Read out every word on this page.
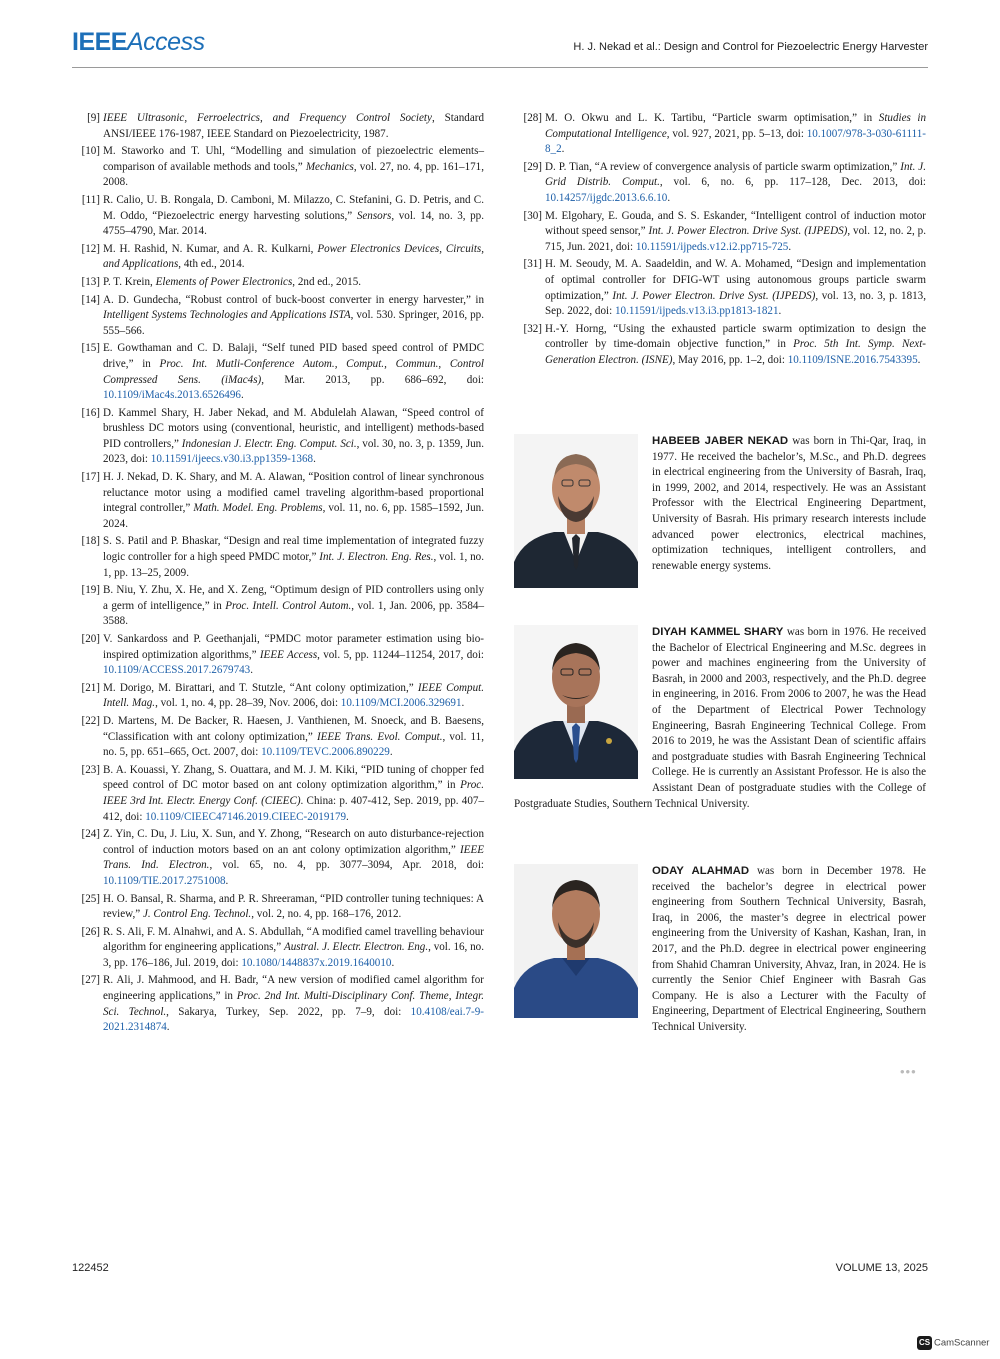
IEEEAccess	H. J. Nekad et al.: Design and Control for Piezoelectric Energy Harvester
[9] IEEE Ultrasonic, Ferroelectrics, and Frequency Control Society, Standard ANSI/IEEE 176-1987, IEEE Standard on Piezoelectricity, 1987.
[10] M. Staworko and T. Uhl, “Modelling and simulation of piezoelectric elements–comparison of available methods and tools,” Mechanics, vol. 27, no. 4, pp. 161–171, 2008.
[11] R. Calio, U. B. Rongala, D. Camboni, M. Milazzo, C. Stefanini, G. D. Petris, and C. M. Oddo, “Piezoelectric energy harvesting solutions,” Sensors, vol. 14, no. 3, pp. 4755–4790, Mar. 2014.
[12] M. H. Rashid, N. Kumar, and A. R. Kulkarni, Power Electronics Devices, Circuits, and Applications, 4th ed., 2014.
[13] P. T. Krein, Elements of Power Electronics, 2nd ed., 2015.
[14] A. D. Gundecha, “Robust control of buck-boost converter in energy harvester,” in Intelligent Systems Technologies and Applications ISTA, vol. 530. Springer, 2016, pp. 555–566.
[15] E. Gowthaman and C. D. Balaji, “Self tuned PID based speed control of PMDC drive,” in Proc. Int. Mutli-Conference Autom., Comput., Commun., Control Compressed Sens. (iMac4s), Mar. 2013, pp. 686–692, doi: 10.1109/iMac4s.2013.6526496.
[16] D. Kammel Shary, H. Jaber Nekad, and M. Abdulelah Alawan, “Speed control of brushless DC motors using (conventional, heuristic, and intelligent) methods-based PID controllers,” Indonesian J. Electr. Eng. Comput. Sci., vol. 30, no. 3, p. 1359, Jun. 2023, doi: 10.11591/ijeecs.v30.i3.pp1359-1368.
[17] H. J. Nekad, D. K. Shary, and M. A. Alawan, “Position control of linear synchronous reluctance motor using a modified camel traveling algorithm-based proportional integral controller,” Math. Model. Eng. Problems, vol. 11, no. 6, pp. 1585–1592, Jun. 2024.
[18] S. S. Patil and P. Bhaskar, “Design and real time implementation of integrated fuzzy logic controller for a high speed PMDC motor,” Int. J. Electron. Eng. Res., vol. 1, no. 1, pp. 13–25, 2009.
[19] B. Niu, Y. Zhu, X. He, and X. Zeng, “Optimum design of PID controllers using only a germ of intelligence,” in Proc. Intell. Control Autom., vol. 1, Jan. 2006, pp. 3584–3588.
[20] V. Sankardoss and P. Geethanjali, “PMDC motor parameter estimation using bio-inspired optimization algorithms,” IEEE Access, vol. 5, pp. 11244–11254, 2017, doi: 10.1109/ACCESS.2017.2679743.
[21] M. Dorigo, M. Birattari, and T. Stutzle, “Ant colony optimization,” IEEE Comput. Intell. Mag., vol. 1, no. 4, pp. 28–39, Nov. 2006, doi: 10.1109/MCI.2006.329691.
[22] D. Martens, M. De Backer, R. Haesen, J. Vanthienen, M. Snoeck, and B. Baesens, “Classification with ant colony optimization,” IEEE Trans. Evol. Comput., vol. 11, no. 5, pp. 651–665, Oct. 2007, doi: 10.1109/TEVC.2006.890229.
[23] B. A. Kouassi, Y. Zhang, S. Ouattara, and M. J. M. Kiki, “PID tuning of chopper fed speed control of DC motor based on ant colony optimization algorithm,” in Proc. IEEE 3rd Int. Electr. Energy Conf. (CIEEC). China: p. 407-412, Sep. 2019, pp. 407–412, doi: 10.1109/CIEEC47146.2019.CIEEC-2019179.
[24] Z. Yin, C. Du, J. Liu, X. Sun, and Y. Zhong, “Research on auto disturbance-rejection control of induction motors based on an ant colony optimization algorithm,” IEEE Trans. Ind. Electron., vol. 65, no. 4, pp. 3077–3094, Apr. 2018, doi: 10.1109/TIE.2017.2751008.
[25] H. O. Bansal, R. Sharma, and P. R. Shreeraman, “PID controller tuning techniques: A review,” J. Control Eng. Technol., vol. 2, no. 4, pp. 168–176, 2012.
[26] R. S. Ali, F. M. Alnahwi, and A. S. Abdullah, “A modified camel travelling behaviour algorithm for engineering applications,” Austral. J. Electr. Electron. Eng., vol. 16, no. 3, pp. 176–186, Jul. 2019, doi: 10.1080/1448837x.2019.1640010.
[27] R. Ali, J. Mahmood, and H. Badr, “A new version of modified camel algorithm for engineering applications,” in Proc. 2nd Int. Multi-Disciplinary Conf. Theme, Integr. Sci. Technol., Sakarya, Turkey, Sep. 2022, pp. 7–9, doi: 10.4108/eai.7-9-2021.2314874.
[28] M. O. Okwu and L. K. Tartibu, “Particle swarm optimisation,” in Studies in Computational Intelligence, vol. 927, 2021, pp. 5–13, doi: 10.1007/978-3-030-61111-8_2.
[29] D. P. Tian, “A review of convergence analysis of particle swarm optimization,” Int. J. Grid Distrib. Comput., vol. 6, no. 6, pp. 117–128, Dec. 2013, doi: 10.14257/ijgdc.2013.6.6.10.
[30] M. Elgohary, E. Gouda, and S. S. Eskander, “Intelligent control of induction motor without speed sensor,” Int. J. Power Electron. Drive Syst. (IJPEDS), vol. 12, no. 2, p. 715, Jun. 2021, doi: 10.11591/ijpeds.v12.i2.pp715-725.
[31] H. M. Seoudy, M. A. Saadeldin, and W. A. Mohamed, “Design and implementation of optimal controller for DFIG-WT using autonomous groups particle swarm optimization,” Int. J. Power Electron. Drive Syst. (IJPEDS), vol. 13, no. 3, p. 1813, Sep. 2022, doi: 10.11591/ijpeds.v13.i3.pp1813-1821.
[32] H.-Y. Horng, “Using the exhausted particle swarm optimization to design the controller by time-domain objective function,” in Proc. 5th Int. Symp. Next-Generation Electron. (ISNE), May 2016, pp. 1–2, doi: 10.1109/ISNE.2016.7543395.
HABEEB JABER NEKAD was born in Thi-Qar, Iraq, in 1977. He received the bachelor’s, M.Sc., and Ph.D. degrees in electrical engineering from the University of Basrah, Iraq, in 1999, 2002, and 2014, respectively. He was an Assistant Professor with the Electrical Engineering Department, University of Basrah. His primary research interests include advanced power electronics, electrical machines, optimization techniques, intelligent controllers, and renewable energy systems.
DIYAH KAMMEL SHARY was born in 1976. He received the Bachelor of Electrical Engineering and M.Sc. degrees in power and machines engineering from the University of Basrah, in 2000 and 2003, respectively, and the Ph.D. degree in engineering, in 2016. From 2006 to 2007, he was the Head of the Department of Electrical Power Technology Engineering, Basrah Engineering Technical College. From 2016 to 2019, he was the Assistant Dean of scientific affairs and postgraduate studies with Basrah Engineering Technical College. He is currently an Assistant Professor. He is also the Assistant Dean of postgraduate studies with the College of Postgraduate Studies, Southern Technical University.
ODAY ALAHMAD was born in December 1978. He received the bachelor’s degree in electrical power engineering from Southern Technical University, Basrah, Iraq, in 2006, the master’s degree in electrical power engineering from the University of Kashan, Kashan, Iran, in 2017, and the Ph.D. degree in electrical power engineering from Shahid Chamran University, Ahvaz, Iran, in 2024. He is currently the Senior Chief Engineer with Basrah Gas Company. He is also a Lecturer with the Faculty of Engineering, Department of Electrical Engineering, Southern Technical University.
•••
122452	VOLUME 13, 2025
CS CamScanner
